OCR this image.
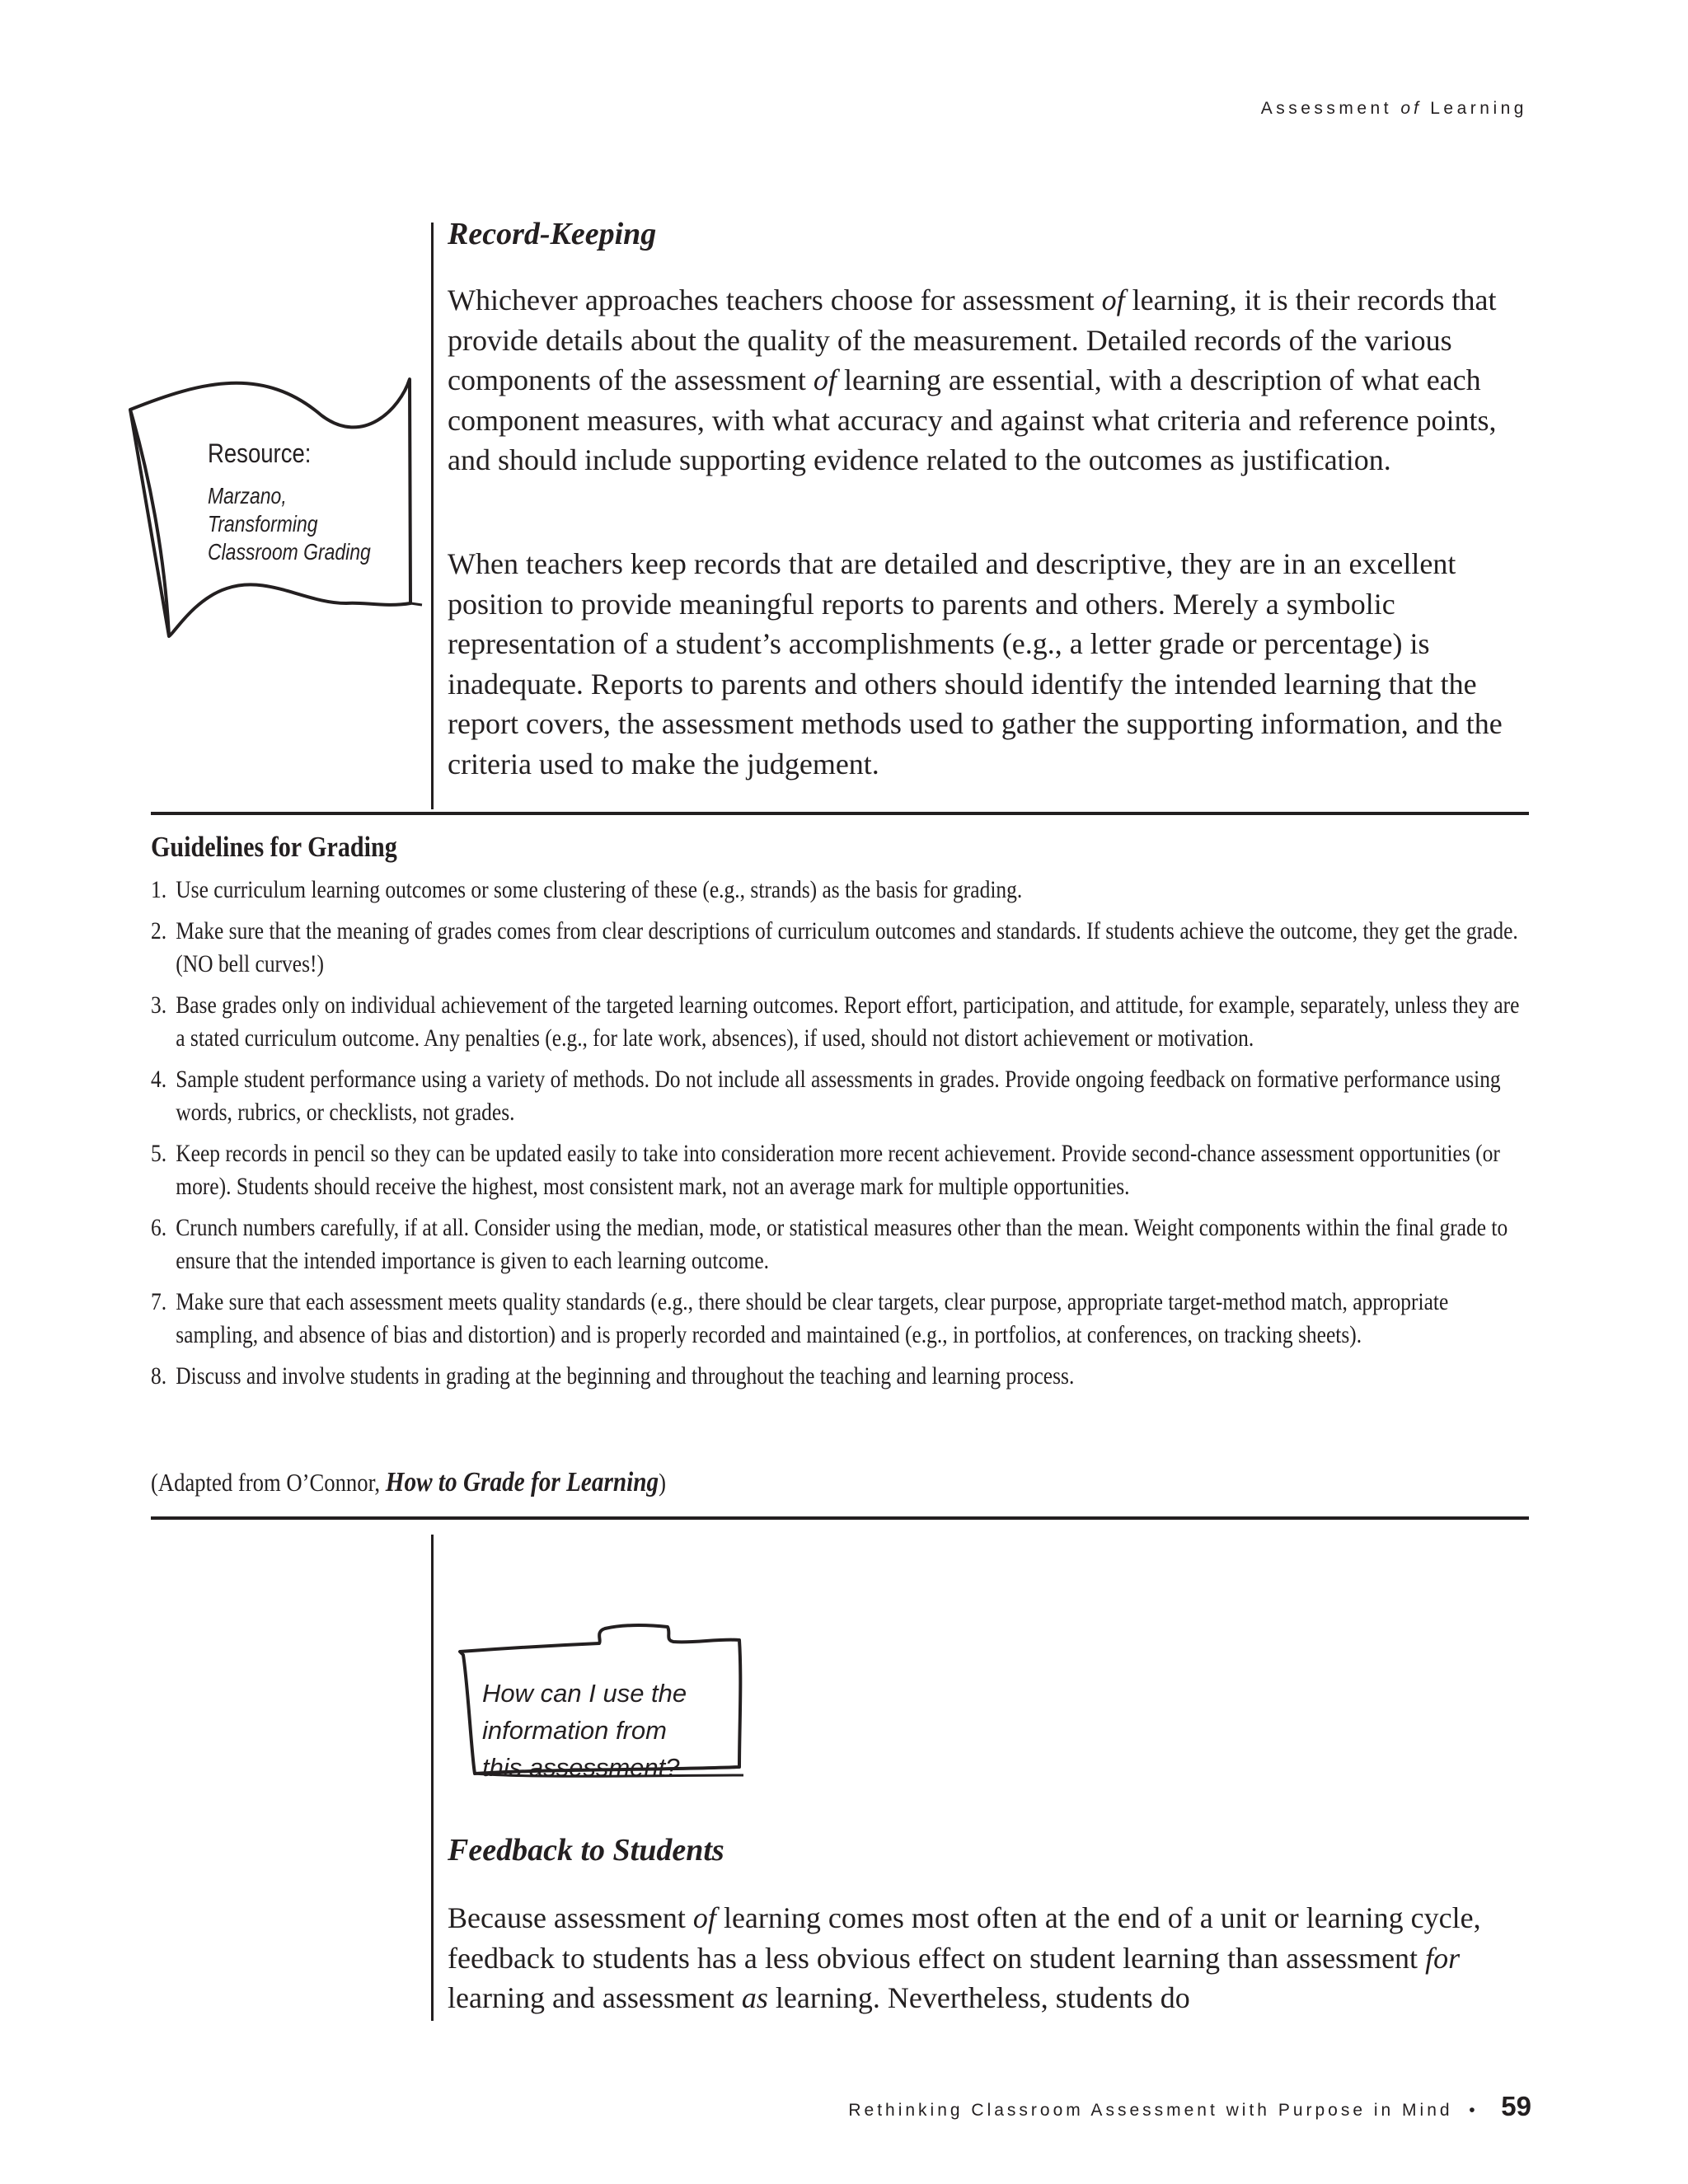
Assessment of Learning
Record-Keeping

Whichever approaches teachers choose for assessment of learning, it is their records that provide details about the quality of the measurement. Detailed records of the various components of the assessment of learning are essential, with a description of what each component measures, with what accuracy and against what criteria and reference points, and should include supporting evidence related to the outcomes as justification.

When teachers keep records that are detailed and descriptive, they are in an excellent position to provide meaningful reports to parents and others. Merely a symbolic representation of a student’s accomplishments (e.g., a letter grade or percentage) is inadequate. Reports to parents and others should identify the intended learning that the report covers, the assessment methods used to gather the supporting information, and the criteria used to make the judgement.

Resource:
Marzano,
Transforming
Classroom Grading
Guidelines for Grading
1. Use curriculum learning outcomes or some clustering of these (e.g., strands) as the basis for grading.
2. Make sure that the meaning of grades comes from clear descriptions of curriculum outcomes and standards. If students achieve the outcome, they get the grade. (NO bell curves!)
3. Base grades only on individual achievement of the targeted learning outcomes. Report effort, participation, and attitude, for example, separately, unless they are a stated curriculum outcome. Any penalties (e.g., for late work, absences), if used, should not distort achievement or motivation.
4. Sample student performance using a variety of methods. Do not include all assessments in grades. Provide ongoing feedback on formative performance using words, rubrics, or checklists, not grades.
5. Keep records in pencil so they can be updated easily to take into consideration more recent achievement. Provide second-chance assessment opportunities (or more). Students should receive the highest, most consistent mark, not an average mark for multiple opportunities.
6. Crunch numbers carefully, if at all. Consider using the median, mode, or statistical measures other than the mean. Weight components within the final grade to ensure that the intended importance is given to each learning outcome.
7. Make sure that each assessment meets quality standards (e.g., there should be clear targets, clear purpose, appropriate target-method match, appropriate sampling, and absence of bias and distortion) and is properly recorded and maintained (e.g., in portfolios, at conferences, on tracking sheets).
8. Discuss and involve students in grading at the beginning and throughout the teaching and learning process.
(Adapted from O’Connor, How to Grade for Learning)
How can I use the
information from
this assessment?
Feedback to Students

Because assessment of learning comes most often at the end of a unit or learning cycle, feedback to students has a less obvious effect on student learning than assessment for learning and assessment as learning. Nevertheless, students do

Rethinking Classroom Assessment with Purpose in Mind • 59
